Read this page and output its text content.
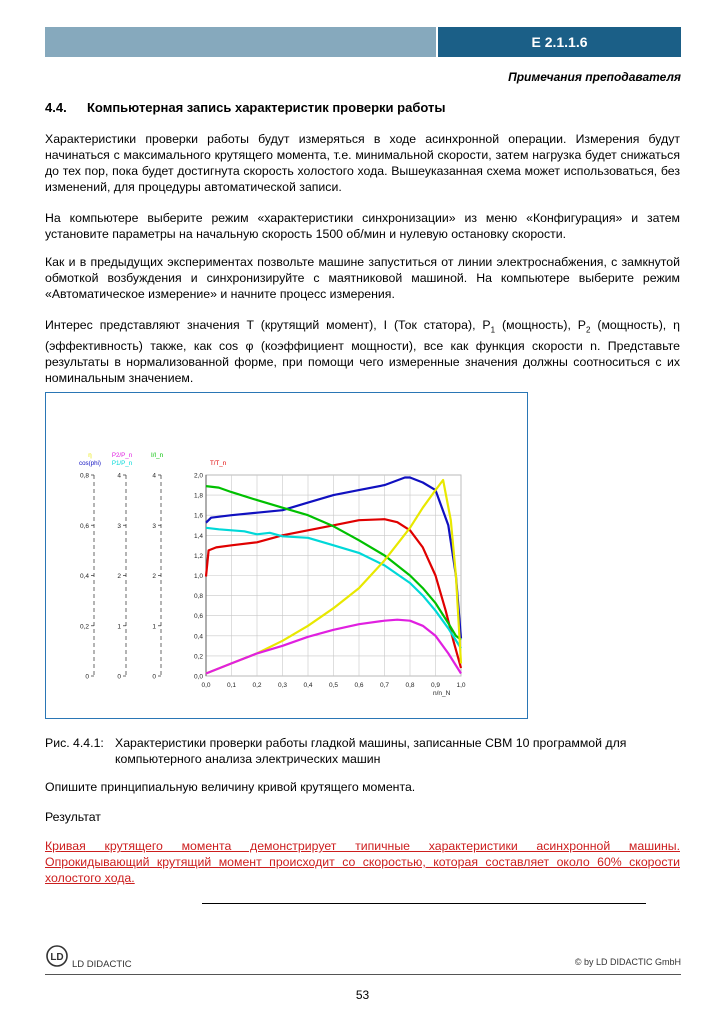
E 2.1.1.6
Примечания преподавателя
4.4. Компьютерная запись характеристик проверки работы
Характеристики проверки работы будут измеряться в ходе асинхронной операции. Измерения будут начинаться с максимального крутящего момента, т.е. минимальной скорости, затем нагрузка будет снижаться до тех пор, пока будет достигнута скорость холостого хода. Вышеуказанная схема может использоваться, без изменений, для процедуры автоматической записи.
На компьютере выберите режим «характеристики синхронизации» из меню «Конфигурация» и затем установите параметры на начальную скорость 1500 об/мин и нулевую остановку скорости.
Как и в предыдущих экспериментах позвольте машине запуститься от линии электроснабжения, с замкнутой обмоткой возбуждения и синхронизируйте с маятниковой машиной. На компьютере выберите режим «Автоматическое измерение» и начните процесс измерения.
Интерес представляют значения T (крутящий момент), I (Ток статора), $P_1$ (мощность), $P_2$ (мощность), η (эффективность) также, как cos φ (коэффициент мощности), все как функция скорости n. Представьте результаты в нормализованной форме, при помощи чего измеренные значения должны соотноситься с их номинальным значением.
0,0	0,1	0,2	0,3	0,4	0,5	0,6	0,7	0,8	0,9	1,0
n/n_N
2,0
1,8
1,6
1,4
1,2
1,0
0,8
0,6
0,4
0,2
0,0
0,8
0,6
0,4
0,2
0
η
cos(phi)
4
3
2
1
0
P2/P_n
P1/P_n
4
3
2
1
0
I/I_n
T/T_n
Рис. 4.4.1: Характеристики проверки работы гладкой машины, записанные CBM 10 программой для компьютерного анализа электрических машин
Опишите принципиальную величину кривой крутящего момента.
Результат
Кривая крутящего момента демонстрирует типичные характеристики асинхронной машины. Опрокидывающий крутящий момент происходит со скоростью, которая составляет около 60% скорости холостого хода.
LD
LD DIDACTIC	© by LD DIDACTIC GmbH
53
